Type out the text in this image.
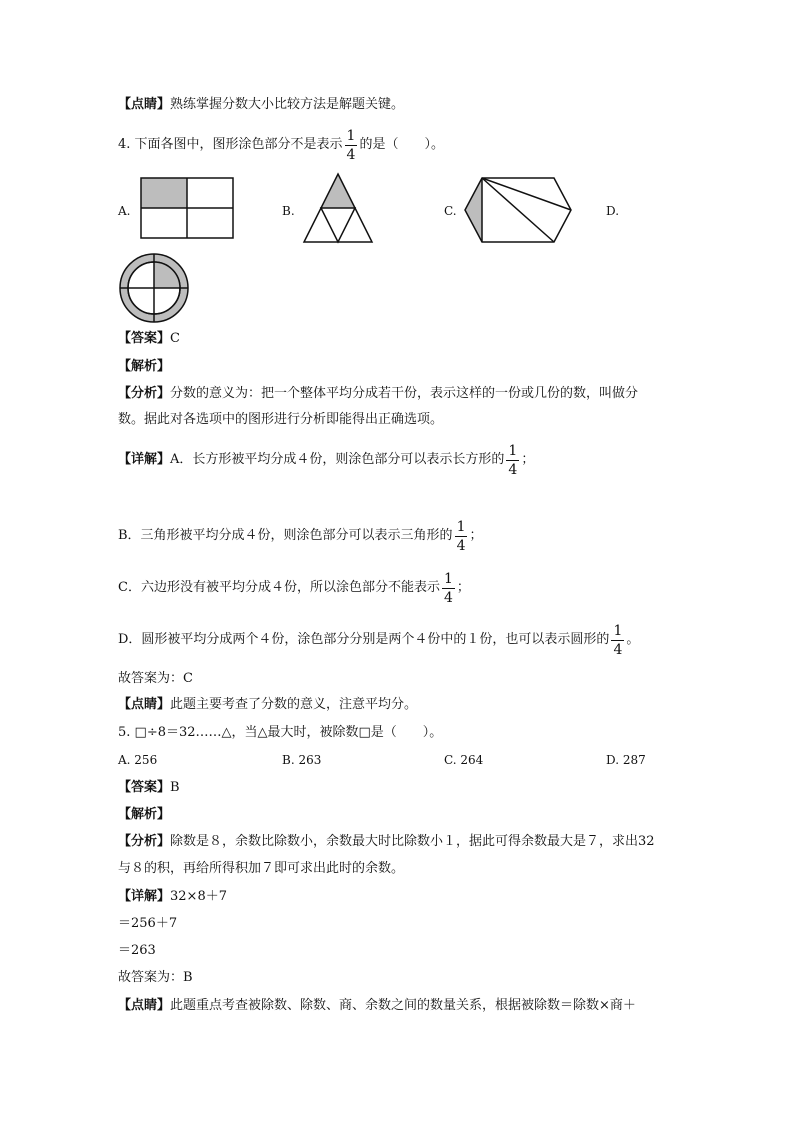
【点睛】熟练掌握分数大小比较方法是解题关键。
4. 下面各图中，图形涂色部分不是表示 $\frac{1}{4}$ 的是（　　）。
A.	B.	C.	D.
【答案】C
【解析】
【分析】分数的意义为：把一个整体平均分成若干份，表示这样的一份或几份的数，叫做分
数。据此对各选项中的图形进行分析即能得出正确选项。
【详解】 A．长方形被平均分成４份，则涂色部分可以表示长方形的 $\frac{1}{4}$ ；
B．三角形被平均分成４份，则涂色部分可以表示三角形的 $\frac{1}{4}$ ；
C．六边形没有被平均分成４份，所以涂色部分不能表示 $\frac{1}{4}$ ；
D．圆形被平均分成两个４份，涂色部分分别是两个４份中的１份，也可以表示圆形的 $\frac{1}{4}$ 。
故答案为：C
【点睛】此题主要考查了分数的意义，注意平均分。
5. □÷8＝32……△，当△最大时，被除数□是（　　）。
A. 256	B. 263	C. 264	D. 287
【答案】B
【解析】
【分析】除数是８，余数比除数小，余数最大时比除数小１，据此可得余数最大是７，求出32
与８的积，再给所得积加７即可求出此时的余数。
【详解】32×8＋7
＝256＋7
＝263
故答案为：B
【点睛】此题重点考查被除数、除数、商、余数之间的数量关系，根据被除数＝除数×商＋
